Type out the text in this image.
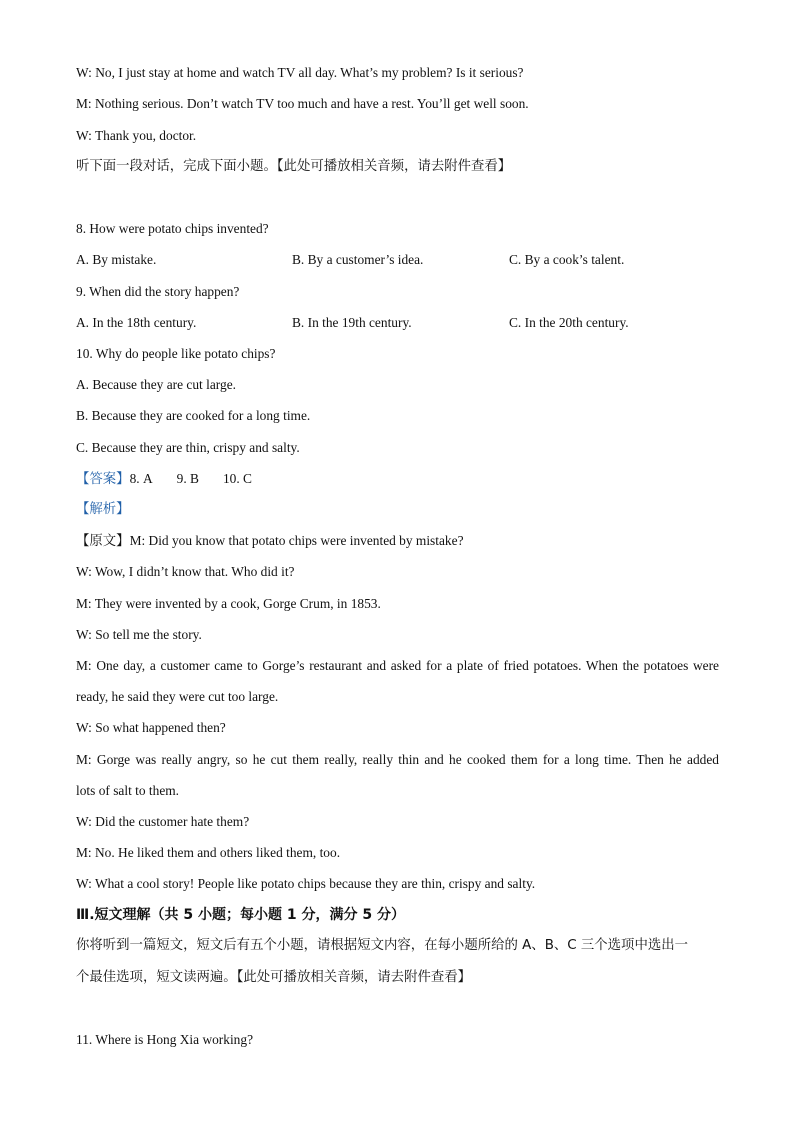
W: No, I just stay at home and watch TV all day. What’s my problem? Is it serious?
M: Nothing serious. Don’t watch TV too much and have a rest. You’ll get well soon.
W: Thank you, doctor.
听下面一段对话，完成下面小题。【此处可播放相关音频，请去附件查看】
8. How were potato chips invented?
A. By mistake.	B. By a customer’s idea.	C. By a cook’s talent.
9. When did the story happen?
A. In the 18th century.	B. In the 19th century.	C. In the 20th century.
10. Why do people like potato chips?
A. Because they are cut large.
B. Because they are cooked for a long time.
C. Because they are thin, crispy and salty.
【答案】8. A 9. B 10. C
【解析】
【原文】M: Did you know that potato chips were invented by mistake?
W: Wow, I didn’t know that. Who did it?
M: They were invented by a cook, Gorge Crum, in 1853.
W: So tell me the story.
M: One day, a customer came to Gorge’s restaurant and asked for a plate of fried potatoes. When the potatoes were
ready, he said they were cut too large.
W: So what happened then?
M: Gorge was really angry, so he cut them really, really thin and he cooked them for a long time. Then he added
lots of salt to them.
W: Did the customer hate them?
M: No. He liked them and others liked them, too.
W: What a cool story! People like potato chips because they are thin, crispy and salty.
Ⅲ.短文理解（共 5 小题；每小题 1 分，满分 5 分）
你将听到一篇短文，短文后有五个小题，请根据短文内容，在每小题所给的 A、B、C 三个选项中选出一
个最佳选项，短文读两遍。【此处可播放相关音频，请去附件查看】
11. Where is Hong Xia working?
